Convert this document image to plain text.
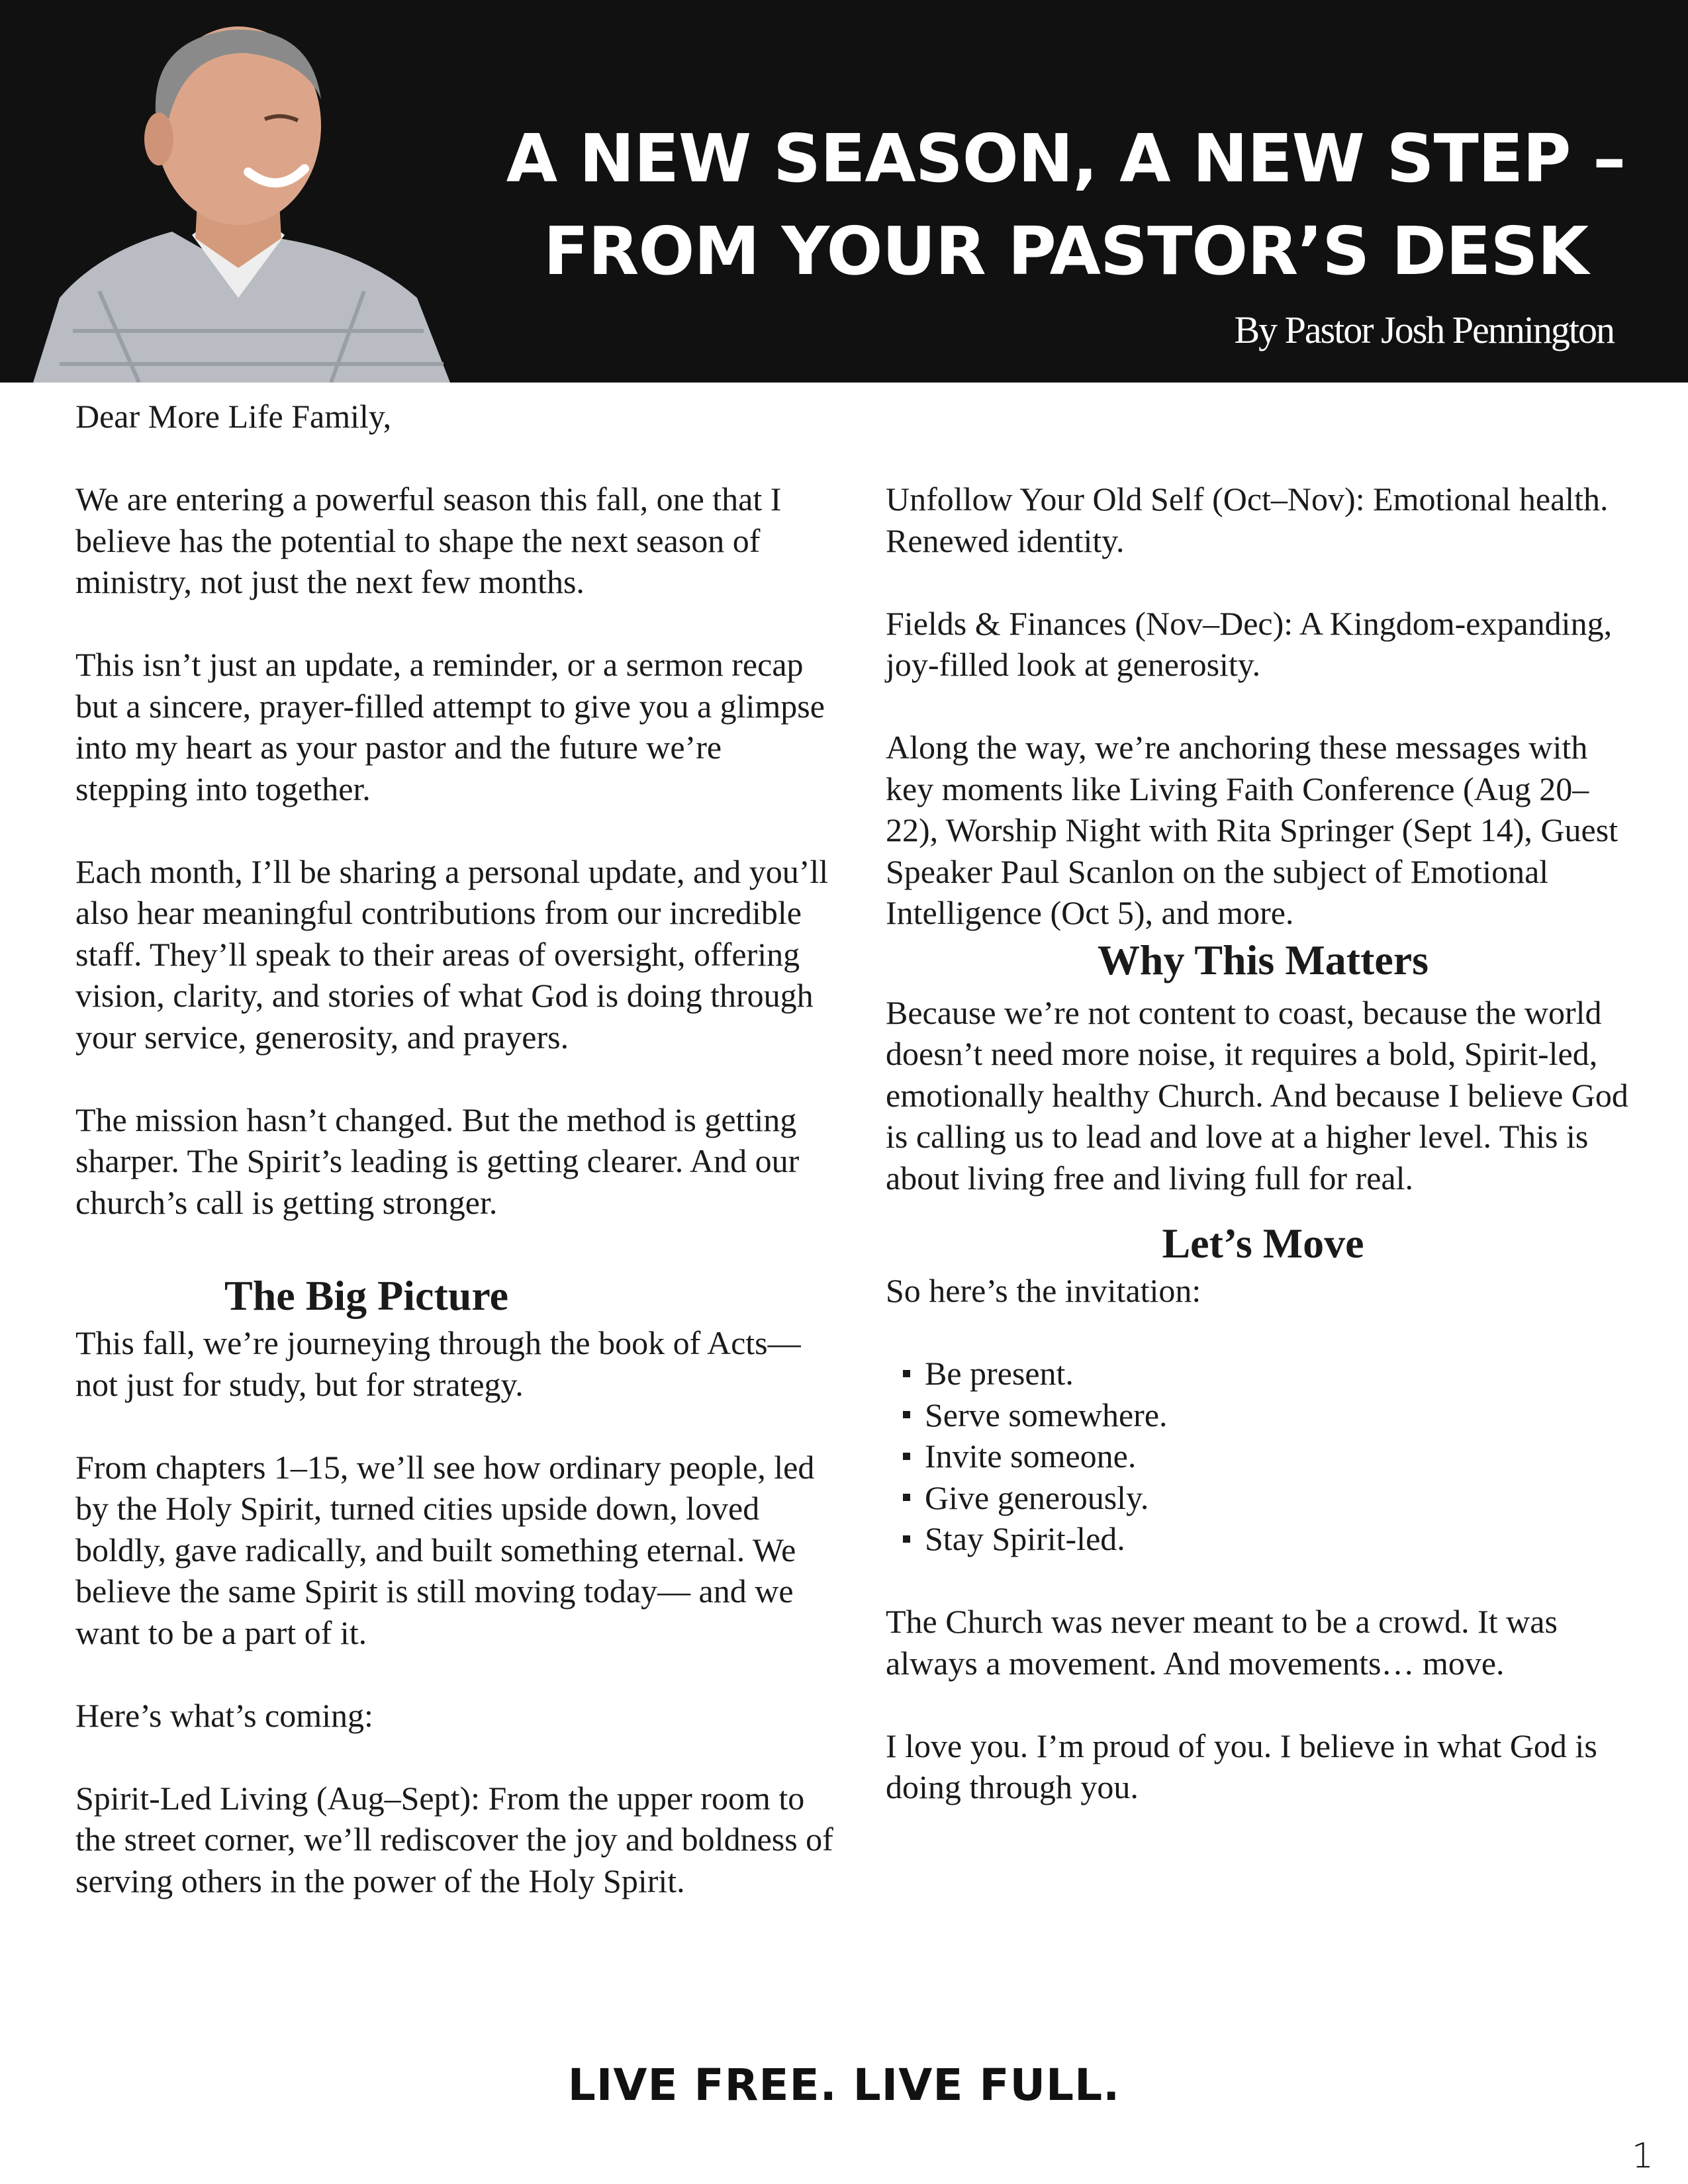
A NEW SEASON, A NEW STEP –
FROM YOUR PASTOR’S DESK

By Pastor Josh Pennington

Dear More Life Family,

We are entering a powerful season this fall, one that I believe has the potential to shape the next season of ministry, not just the next few months.

This isn’t just an update, a reminder, or a sermon recap but a sincere, prayer-filled attempt to give you a glimpse into my heart as your pastor and the future we’re stepping into together.

Each month, I’ll be sharing a personal update, and you’ll also hear meaningful contributions from our incredible staff. They’ll speak to their areas of oversight, offering vision, clarity, and stories of what God is doing through your service, generosity, and prayers.

The mission hasn’t changed. But the method is getting sharper. The Spirit’s leading is getting clearer. And our church’s call is getting stronger.

The Big Picture

This fall, we’re journeying through the book of Acts—not just for study, but for strategy.

From chapters 1–15, we’ll see how ordinary people, led by the Holy Spirit, turned cities upside down, loved boldly, gave radically, and built something eternal. We believe the same Spirit is still moving today— and we want to be a part of it.

Here’s what’s coming:

Spirit-Led Living (Aug–Sept): From the upper room to the street corner, we’ll rediscover the joy and boldness of serving others in the power of the Holy Spirit.

Unfollow Your Old Self (Oct–Nov): Emotional health. Renewed identity.

Fields & Finances (Nov–Dec): A Kingdom-expanding, joy-filled look at generosity.

Along the way, we’re anchoring these messages with key moments like Living Faith Conference (Aug 20–22), Worship Night with Rita Springer (Sept 14), Guest Speaker Paul Scanlon on the subject of Emotional Intelligence (Oct 5), and more.

Why This Matters

Because we’re not content to coast, because the world doesn’t need more noise, it requires a bold, Spirit-led, emotionally healthy Church. And because I believe God is calling us to lead and love at a higher level. This is about living free and living full for real.

Let’s Move

So here’s the invitation:

Be present.
Serve somewhere.
Invite someone.
Give generously.
Stay Spirit-led.

The Church was never meant to be a crowd. It was always a movement. And movements… move.

I love you. I’m proud of you. I believe in what God is doing through you.

LIVE FREE. LIVE FULL.

1
